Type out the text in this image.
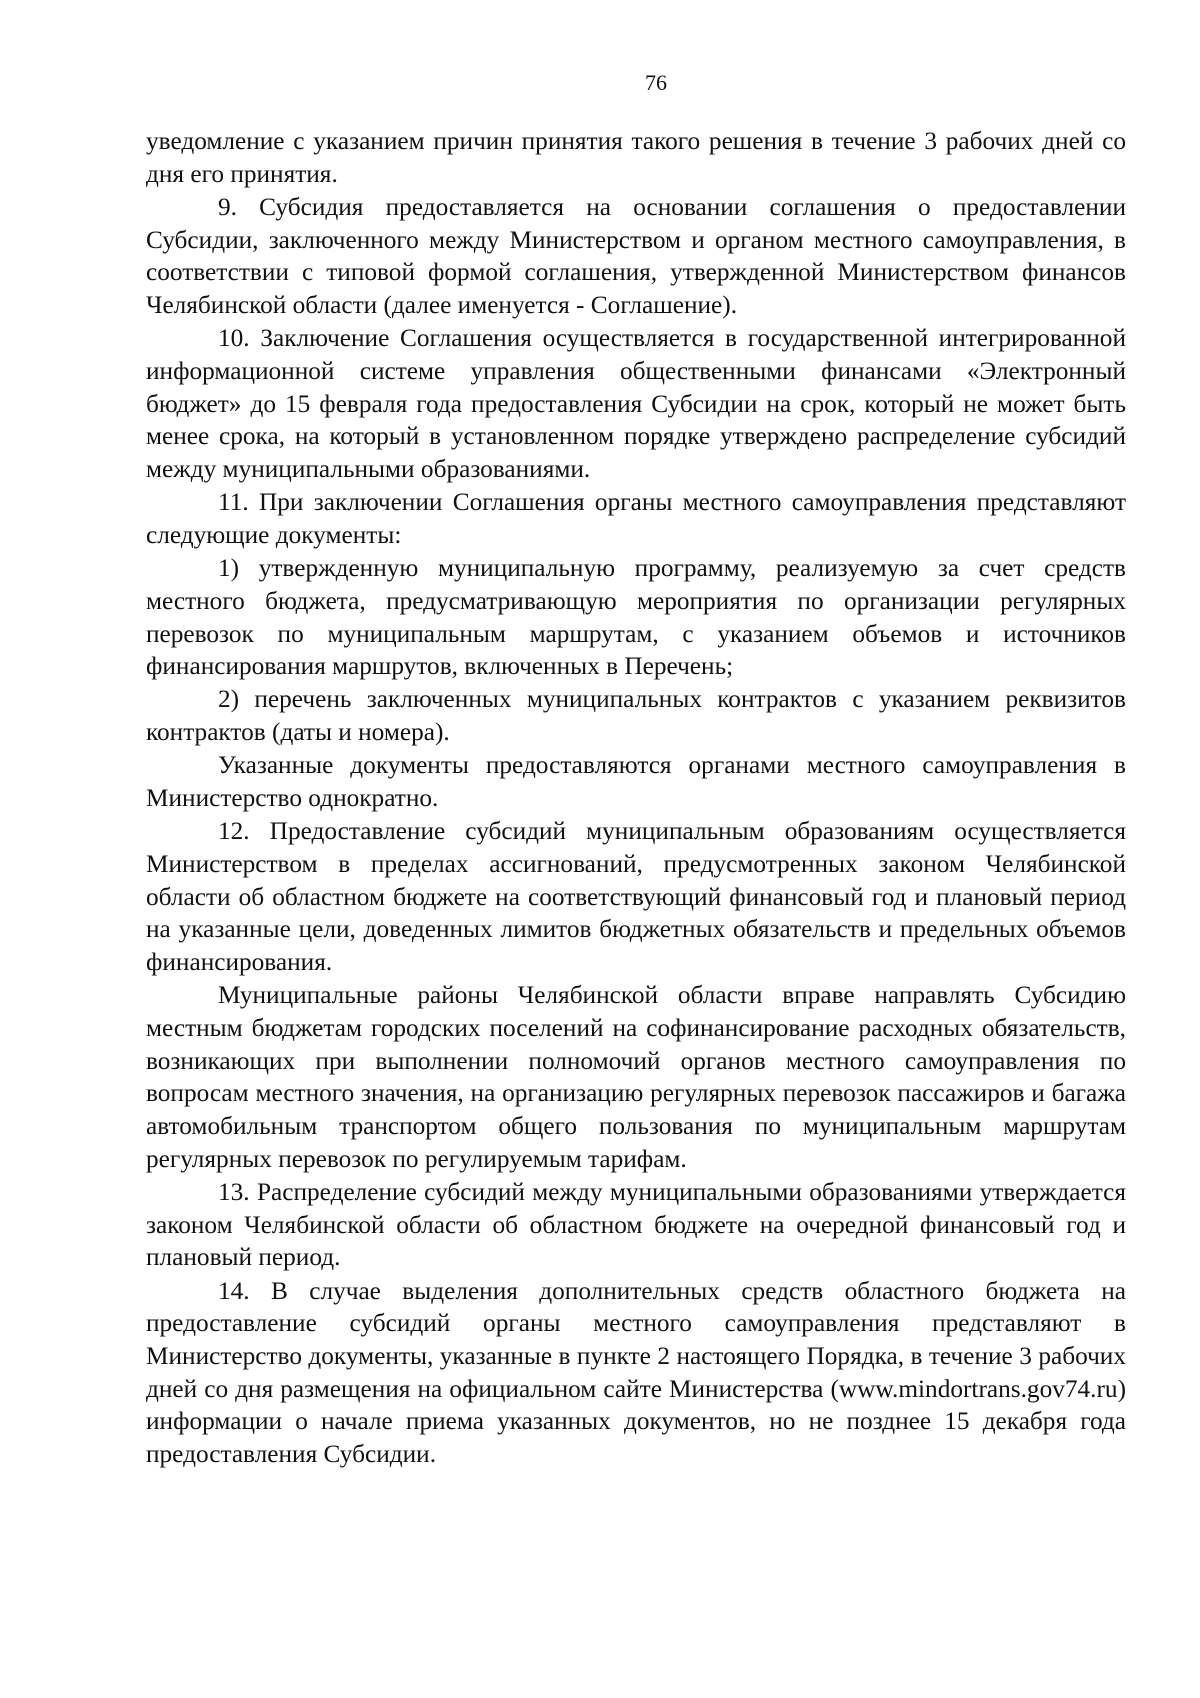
76

уведомление с указанием причин принятия такого решения в течение 3 рабочих дней со дня его принятия.

9. Субсидия предоставляется на основании соглашения о предоставлении Субсидии, заключенного между Министерством и органом местного самоуправления, в соответствии с типовой формой соглашения, утвержденной Министерством финансов Челябинской области (далее именуется - Соглашение).

10. Заключение Соглашения осуществляется в государственной интегрированной информационной системе управления общественными финансами «Электронный бюджет» до 15 февраля года предоставления Субсидии на срок, который не может быть менее срока, на который в установленном порядке утверждено распределение субсидий между муниципальными образованиями.

11. При заключении Соглашения органы местного самоуправления представляют следующие документы:

1) утвержденную муниципальную программу, реализуемую за счет средств местного бюджета, предусматривающую мероприятия по организации регулярных перевозок по муниципальным маршрутам, с указанием объемов и источников финансирования маршрутов, включенных в Перечень;

2) перечень заключенных муниципальных контрактов с указанием реквизитов контрактов (даты и номера).

Указанные документы предоставляются органами местного самоуправления в Министерство однократно.

12. Предоставление субсидий муниципальным образованиям осуществляется Министерством в пределах ассигнований, предусмотренных законом Челябинской области об областном бюджете на соответствующий финансовый год и плановый период на указанные цели, доведенных лимитов бюджетных обязательств и предельных объемов финансирования.

Муниципальные районы Челябинской области вправе направлять Субсидию местным бюджетам городских поселений на софинансирование расходных обязательств, возникающих при выполнении полномочий органов местного самоуправления по вопросам местного значения, на организацию регулярных перевозок пассажиров и багажа автомобильным транспортом общего пользования по муниципальным маршрутам регулярных перевозок по регулируемым тарифам.

13. Распределение субсидий между муниципальными образованиями утверждается законом Челябинской области об областном бюджете на очередной финансовый год и плановый период.

14. В случае выделения дополнительных средств областного бюджета на предоставление субсидий органы местного самоуправления представляют в Министерство документы, указанные в пункте 2 настоящего Порядка, в течение 3 рабочих дней со дня размещения на официальном сайте Министерства (www.mindortrans.gov74.ru) информации о начале приема указанных документов, но не позднее 15 декабря года предоставления Субсидии.
